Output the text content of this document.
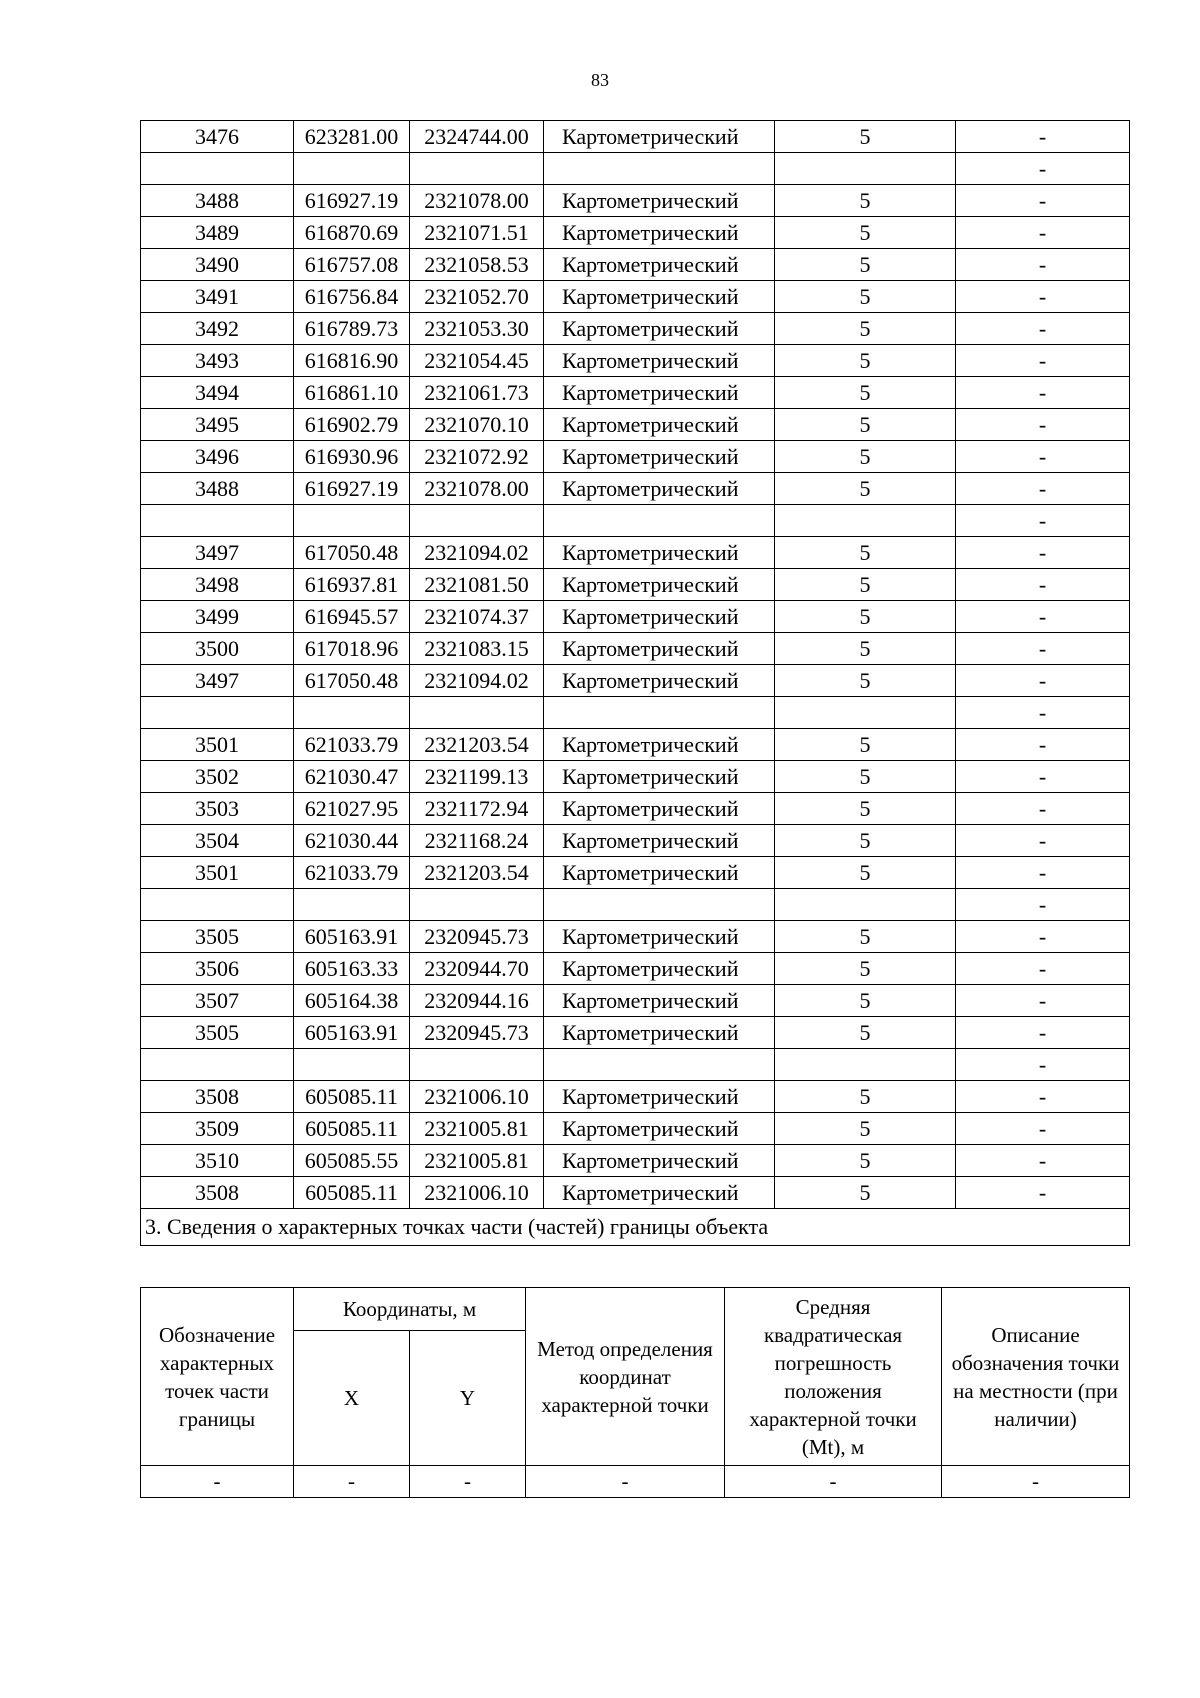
83
3476	623281.00	2324744.00	Картометрический	5	-
					-
3488	616927.19	2321078.00	Картометрический	5	-
3489	616870.69	2321071.51	Картометрический	5	-
3490	616757.08	2321058.53	Картометрический	5	-
3491	616756.84	2321052.70	Картометрический	5	-
3492	616789.73	2321053.30	Картометрический	5	-
3493	616816.90	2321054.45	Картометрический	5	-
3494	616861.10	2321061.73	Картометрический	5	-
3495	616902.79	2321070.10	Картометрический	5	-
3496	616930.96	2321072.92	Картометрический	5	-
3488	616927.19	2321078.00	Картометрический	5	-
					-
3497	617050.48	2321094.02	Картометрический	5	-
3498	616937.81	2321081.50	Картометрический	5	-
3499	616945.57	2321074.37	Картометрический	5	-
3500	617018.96	2321083.15	Картометрический	5	-
3497	617050.48	2321094.02	Картометрический	5	-
					-
3501	621033.79	2321203.54	Картометрический	5	-
3502	621030.47	2321199.13	Картометрический	5	-
3503	621027.95	2321172.94	Картометрический	5	-
3504	621030.44	2321168.24	Картометрический	5	-
3501	621033.79	2321203.54	Картометрический	5	-
					-
3505	605163.91	2320945.73	Картометрический	5	-
3506	605163.33	2320944.70	Картометрический	5	-
3507	605164.38	2320944.16	Картометрический	5	-
3505	605163.91	2320945.73	Картометрический	5	-
					-
3508	605085.11	2321006.10	Картометрический	5	-
3509	605085.11	2321005.81	Картометрический	5	-
3510	605085.55	2321005.81	Картометрический	5	-
3508	605085.11	2321006.10	Картометрический	5	-
3. Сведения о характерных точках части (частей) границы объекта					
Обозначение характерных точек части границы	Координаты, м		Метод определения координат характерной точки	Средняя квадратическая погрешность положения характерной точки (Mt), м	Описание обозначения точки на местности (при наличии)
	X	Y			
-	-	-	-	-	-
